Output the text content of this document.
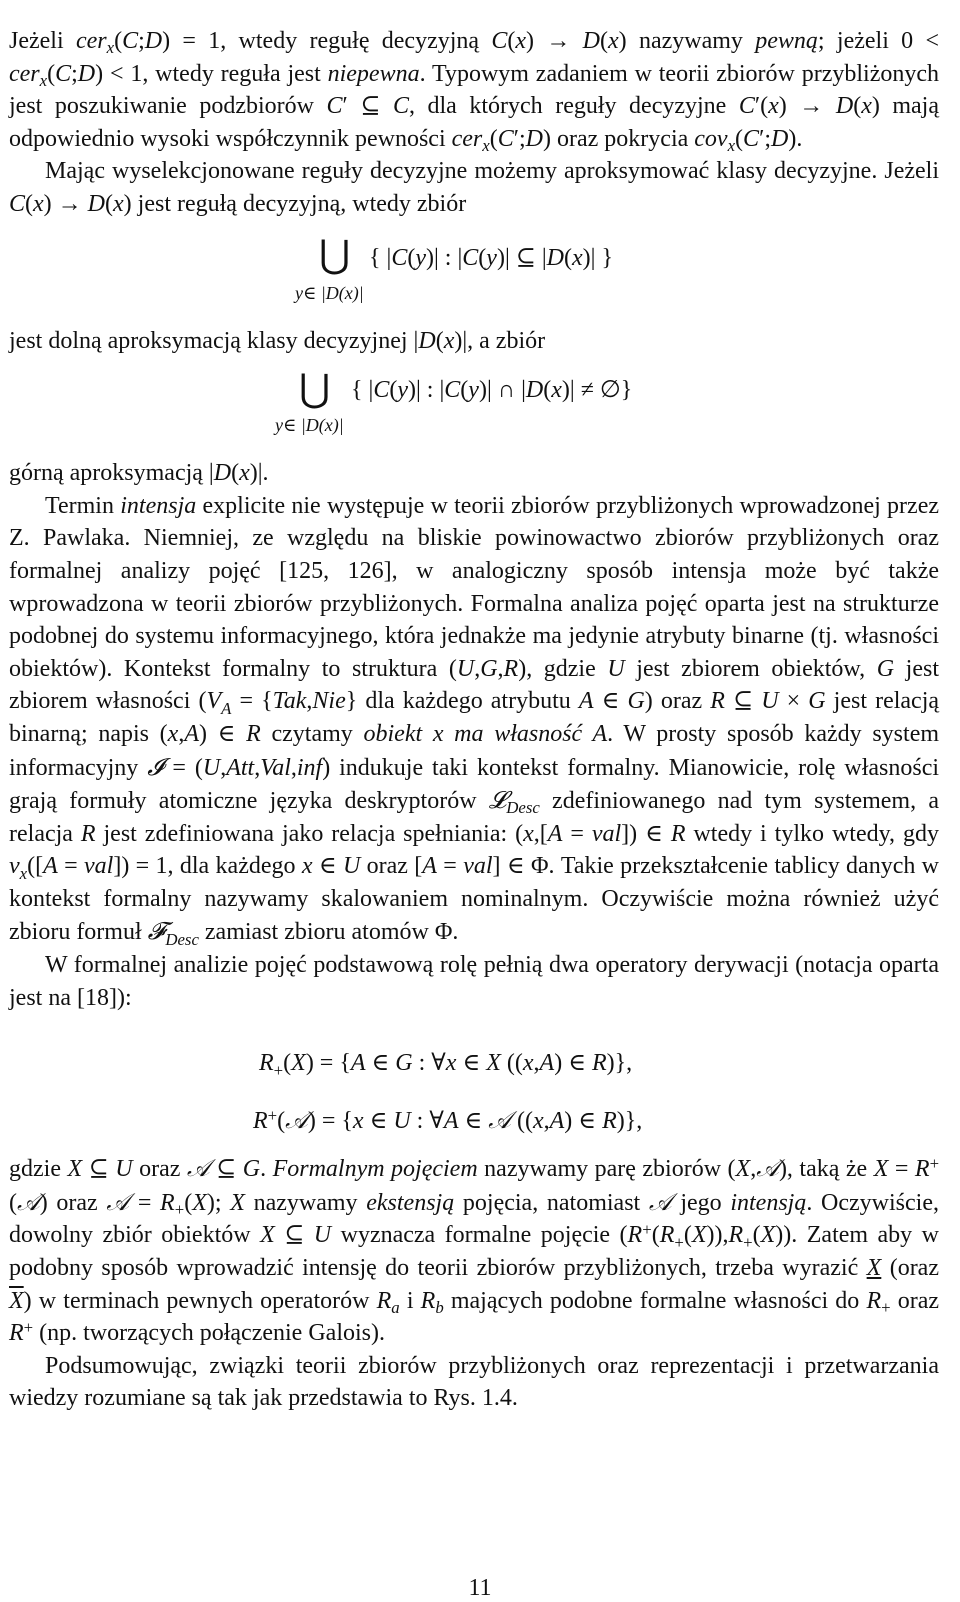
Jeżeli cer$_x$(C;D) = 1, wtedy regułę decyzyjną C(x) → D(x) nazywamy pewną; jeżeli 0 < cer$_x$(C;D) < 1, wtedy reguła jest niepewna. Typowym zadaniem w teorii zbiorów przybliżonych jest poszukiwanie podzbiorów C′ ⊆ C, dla których reguły decyzyjne C′(x) → D(x) mają odpowiednio wysoki współczynnik pewności cer$_x$(C′;D) oraz pokrycia cov$_x$(C′;D).

Mając wyselekcjonowane reguły decyzyjne możemy aproksymować klasy decyzyjne. Jeżeli C(x) → D(x) jest regułą decyzyjną, wtedy zbiór

⋃
y∈ |D(x)|
{ |C(y)| : |C(y)| ⊆ |D(x)| }

jest dolną aproksymacją klasy decyzyjnej |D(x)|, a zbiór

⋃
y∈ |D(x)|
{ |C(y)| : |C(y)| ∩ |D(x)| ≠ ∅}

górną aproksymacją |D(x)|.

Termin intensja explicite nie występuje w teorii zbiorów przybliżonych wprowadzonej przez Z. Pawlaka. Niemniej, ze względu na bliskie powinowactwo zbiorów przybliżonych oraz formalnej analizy pojęć [125, 126], w analogiczny sposób intensja może być także wprowadzona w teorii zbiorów przybliżonych. Formalna analiza pojęć oparta jest na strukturze podobnej do systemu informacyjnego, która jednakże ma jedynie atrybuty binarne (tj. własności obiektów). Kontekst formalny to struktura (U,G,R), gdzie U jest zbiorem obiektów, G jest zbiorem własności ($V_A = \{Tak,Nie\}$ dla każdego atrybutu A ∈ G) oraz R ⊆ U × G jest relacją binarną; napis (x,A) ∈ R czytamy obiekt x ma własność A. W prosty sposób każdy system informacyjny 𝓘 = (U,Att,Val,inf) indukuje taki kontekst formalny. Mianowicie, rolę własności grają formuły atomiczne języka deskryptorów 𝓛$_{Desc}$ zdefiniowanego nad tym systemem, a relacja R jest zdefiniowana jako relacja spełniania: (x,[A = val]) ∈ R wtedy i tylko wtedy, gdy $v_x([A = val]) = 1$, dla każdego x ∈ U oraz [A = val] ∈ Φ. Takie przekształcenie tablicy danych w kontekst formalny nazywamy skalowaniem nominalnym. Oczywiście można również użyć zbioru formuł 𝓕$_{Desc}$ zamiast zbioru atomów Φ.

W formalnej analizie pojęć podstawową rolę pełnią dwa operatory derywacji (notacja oparta jest na [18]):

$R_+(X) = \{A$ ∈ G : ∀x ∈ X ((x,A) ∈ R)},
R+(𝒜) = {x ∈ U : ∀A ∈ 𝒜 ((x,A) ∈ R)},

gdzie X ⊆ U oraz 𝒜 ⊆ G. Formalnym pojęciem nazywamy parę zbiorów (X,𝒜), taką że X = R+(𝒜) oraz 𝒜 = $R_+(X)$; X nazywamy ekstensją pojęcia, natomiast 𝒜 jego intensją. Oczywiście, dowolny zbiór obiektów X ⊆ U wyznacza formalne pojęcie $(R^+(R_+(X)),R_+(X))$. Zatem aby w podobny sposób wprowadzić intensję do teorii zbiorów przybliżonych, trzeba wyrazić X (oraz $\overline{X}$) w terminach pewnych operatorów $R_a$ i $R_b$ mających podobne formalne własności do $R_+$ oraz R+ (np. tworzących połączenie Galois).

Podsumowując, związki teorii zbiorów przybliżonych oraz reprezentacji i przetwarzania wiedzy rozumiane są tak jak przedstawia to Rys. 1.4.

11
